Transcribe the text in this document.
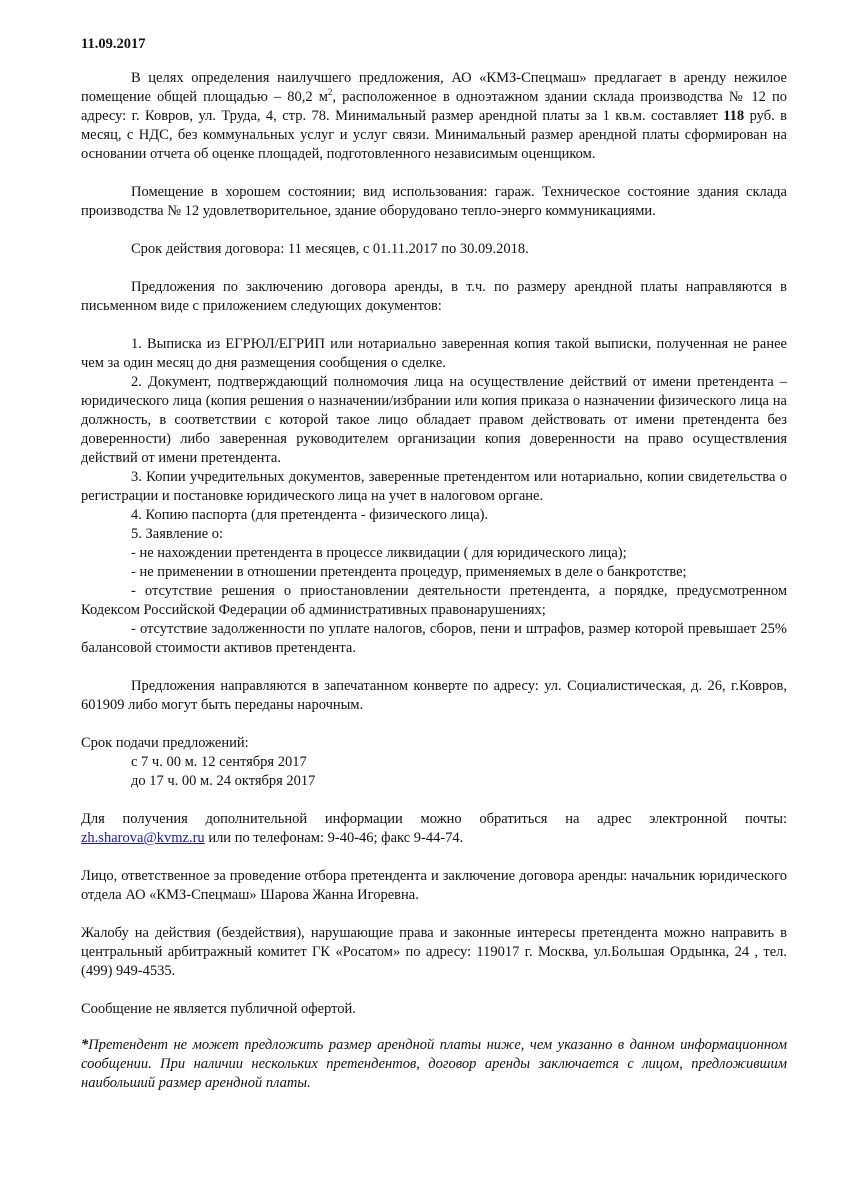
11.09.2017

В целях определения наилучшего предложения, АО «КМЗ-Спецмаш» предлагает в аренду нежилое помещение общей площадью – 80,2 $м^2$, расположенное в одноэтажном здании склада производства № 12 по адресу: г. Ковров, ул. Труда, 4, стр. 78. Минимальный размер арендной платы за 1 кв.м. составляет 118 руб. в месяц, с НДС, без коммунальных услуг и услуг связи. Минимальный размер арендной платы сформирован на основании отчета об оценке площадей, подготовленного независимым оценщиком.

Помещение в хорошем состоянии; вид использования: гараж. Техническое состояние здания склада производства № 12 удовлетворительное, здание оборудовано тепло-энерго коммуникациями.

Срок действия договора: 11 месяцев, с 01.11.2017 по 30.09.2018.

Предложения по заключению договора аренды, в т.ч. по размеру арендной платы направляются в письменном виде с приложением следующих документов:

1. Выписка из ЕГРЮЛ/ЕГРИП или нотариально заверенная копия такой выписки, полученная не ранее чем за один месяц до дня размещения сообщения о сделке.

2. Документ, подтверждающий полномочия лица на осуществление действий от имени претендента – юридического лица (копия решения о назначении/избрании или копия приказа о назначении физического лица на должность, в соответствии с которой такое лицо обладает правом действовать от имени претендента без доверенности) либо заверенная руководителем организации копия доверенности на право осуществления действий от имени претендента.

3. Копии учредительных документов, заверенные претендентом или нотариально, копии свидетельства о регистрации и постановке юридического лица на учет в налоговом органе.

4. Копию паспорта (для претендента - физического лица).

5. Заявление о:

- не нахождении претендента в процессе ликвидации ( для юридического лица);

- не применении в отношении претендента процедур, применяемых в деле о банкротстве;

- отсутствие решения о приостановлении деятельности претендента, а порядке, предусмотренном Кодексом Российской Федерации об административных правонарушениях;

- отсутствие задолженности по уплате налогов, сборов, пени и штрафов, размер которой превышает 25% балансовой стоимости активов претендента.

Предложения направляются в запечатанном конверте по адресу: ул. Социалистическая, д. 26, г.Ковров, 601909 либо могут быть переданы нарочным.

Срок подачи предложений:

с 7 ч. 00 м. 12 сентября 2017

до 17 ч. 00 м. 24 октября 2017

Для получения дополнительной информации можно обратиться на адрес электронной почты: zh.sharova@kvmz.ru или по телефонам: 9-40-46; факс 9-44-74.

Лицо, ответственное за проведение отбора претендента и заключение договора аренды: начальник юридического отдела АО «КМЗ-Спецмаш» Шарова Жанна Игоревна.

Жалобу на действия (бездействия), нарушающие права и законные интересы претендента можно направить в центральный арбитражный комитет ГК «Росатом» по адресу: 119017 г. Москва, ул.Большая Ордынка, 24 , тел. (499) 949-4535.

Сообщение не является публичной офертой.

*Претендент не может предложить размер арендной платы ниже, чем указанно в данном информационном сообщении. При наличии нескольких претендентов, договор аренды заключается с лицом, предложившим наибольший размер арендной платы.
